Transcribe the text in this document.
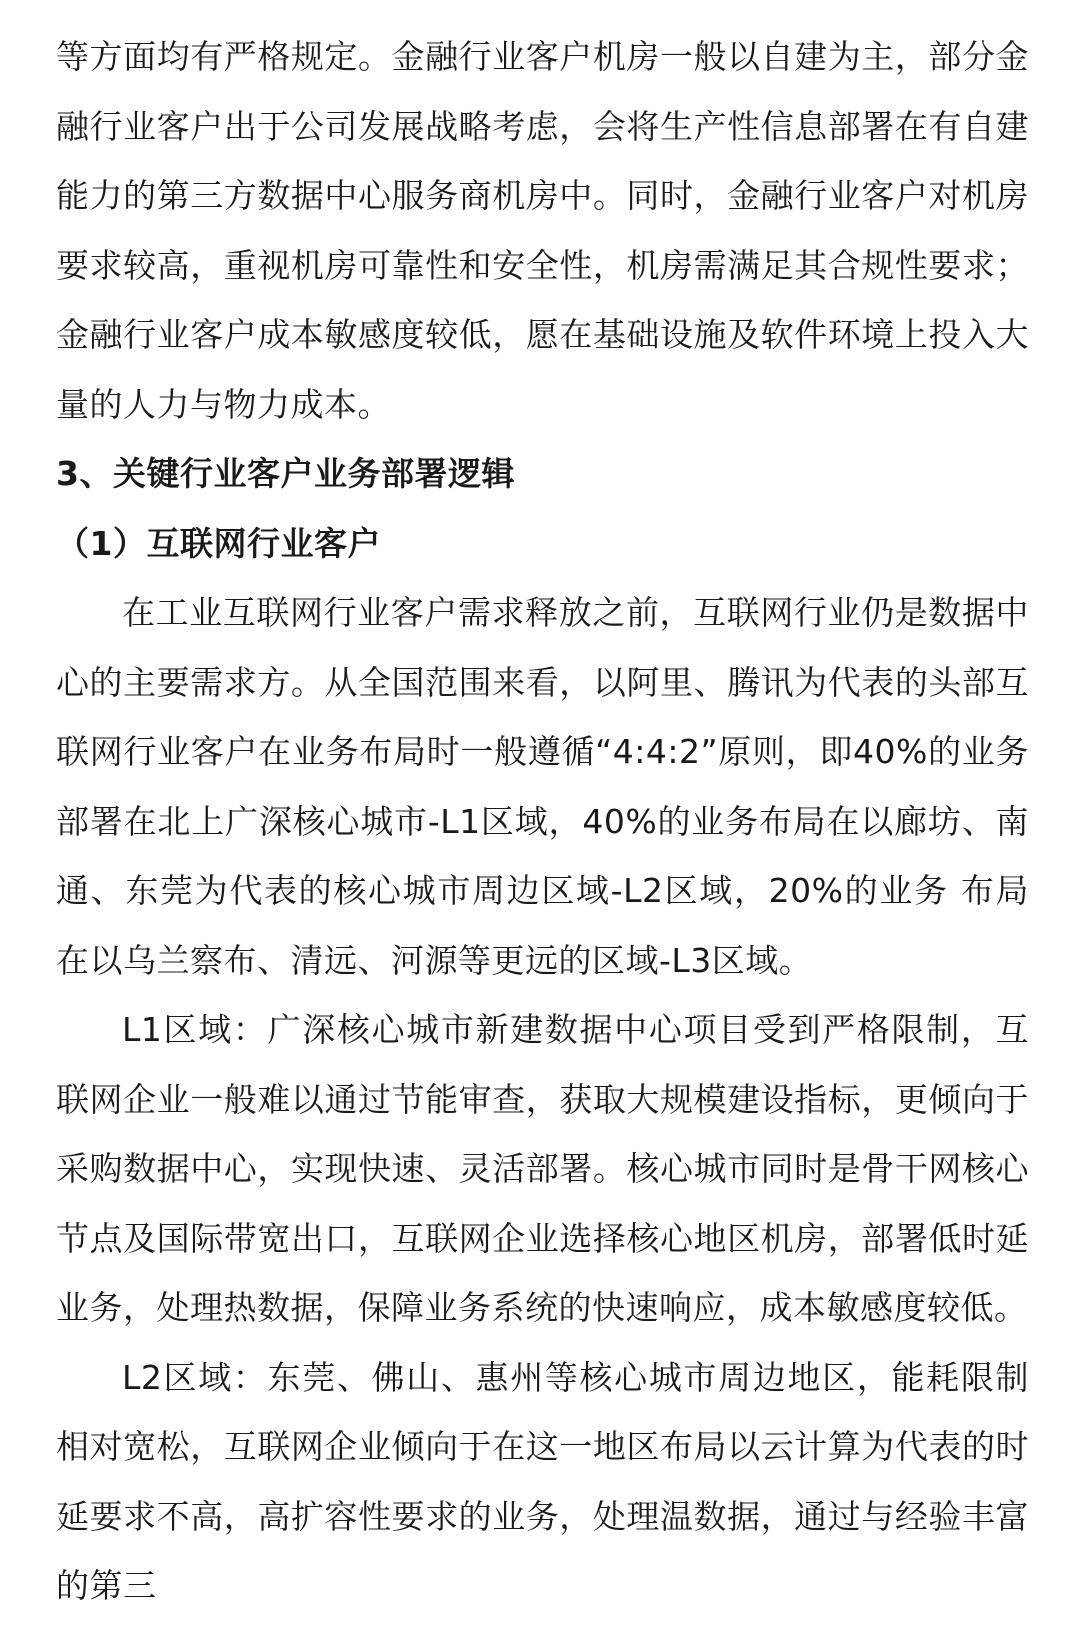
等方面均有严格规定。金融行业客户机房一般以自建为主，部分金融行业客户出于公司发展战略考虑，会将生产性信息部署在有自建能力的第三方数据中心服务商机房中。同时，金融行业客户对机房要求较高，重视机房可靠性和安全性，机房需满足其合规性要求；金融行业客户成本敏感度较低，愿在基础设施及软件环境上投入大量的人力与物力成本。

3、关键行业客户业务部署逻辑

（1）互联网行业客户

在工业互联网行业客户需求释放之前，互联网行业仍是数据中心的主要需求方。从全国范围来看，以阿里、腾讯为代表的头部互联网行业客户在业务布局时一般遵循“4:4:2”原则，即40%的业务部署在北上广深核心城市-L1区域，40%的业务布局在以廊坊、南通、东莞为代表的核心城市周边区域-L2区域，20%的业务 布局在以乌兰察布、清远、河源等更远的区域-L3区域。

L1区域：广深核心城市新建数据中心项目受到严格限制，互联网企业一般难以通过节能审查，获取大规模建设指标，更倾向于采购数据中心，实现快速、灵活部署。核心城市同时是骨干网核心节点及国际带宽出口，互联网企业选择核心地区机房，部署低时延业务，处理热数据，保障业务系统的快速响应，成本敏感度较低。

L2区域：东莞、佛山、惠州等核心城市周边地区，能耗限制相对宽松，互联网企业倾向于在这一地区布局以云计算为代表的时延要求不高，高扩容性要求的业务，处理温数据，通过与经验丰富的第三
